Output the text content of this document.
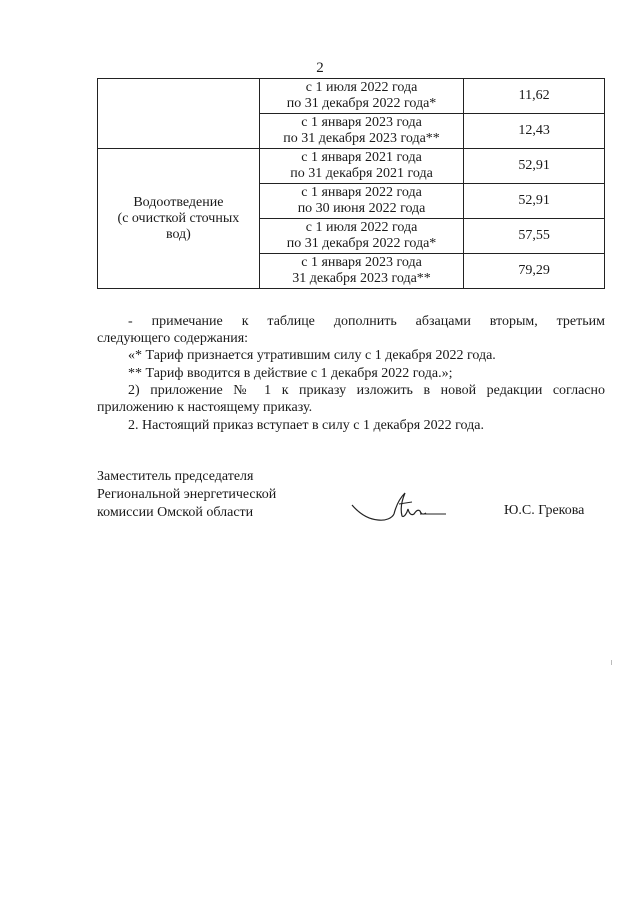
2
	с 1 июля 2022 года
по 31 декабря 2022 года*	11,62
	с 1 января 2023 года
по 31 декабря 2023 года**	12,43
Водоотведение
(с очисткой сточных
вод)	с 1 января 2021 года
по 31 декабря 2021 года	52,91
	с 1 января 2022 года
по 30 июня 2022 года	52,91
	с 1 июля 2022 года
по 31 декабря 2022 года*	57,55
	с 1 января 2023 года
31 декабря 2023 года**	79,29
- примечание к таблице дополнить абзацами вторым, третьим
следующего содержания:
«* Тариф признается утратившим силу с 1 декабря 2022 года.
** Тариф вводится в действие с 1 декабря 2022 года.»;
2) приложение № 1 к приказу изложить в новой редакции согласно
приложению к настоящему приказу.
2. Настоящий приказ вступает в силу с 1 декабря 2022 года.
Заместитель председателя
Региональной энергетической
комиссии Омской области	Ю.С. Грекова
